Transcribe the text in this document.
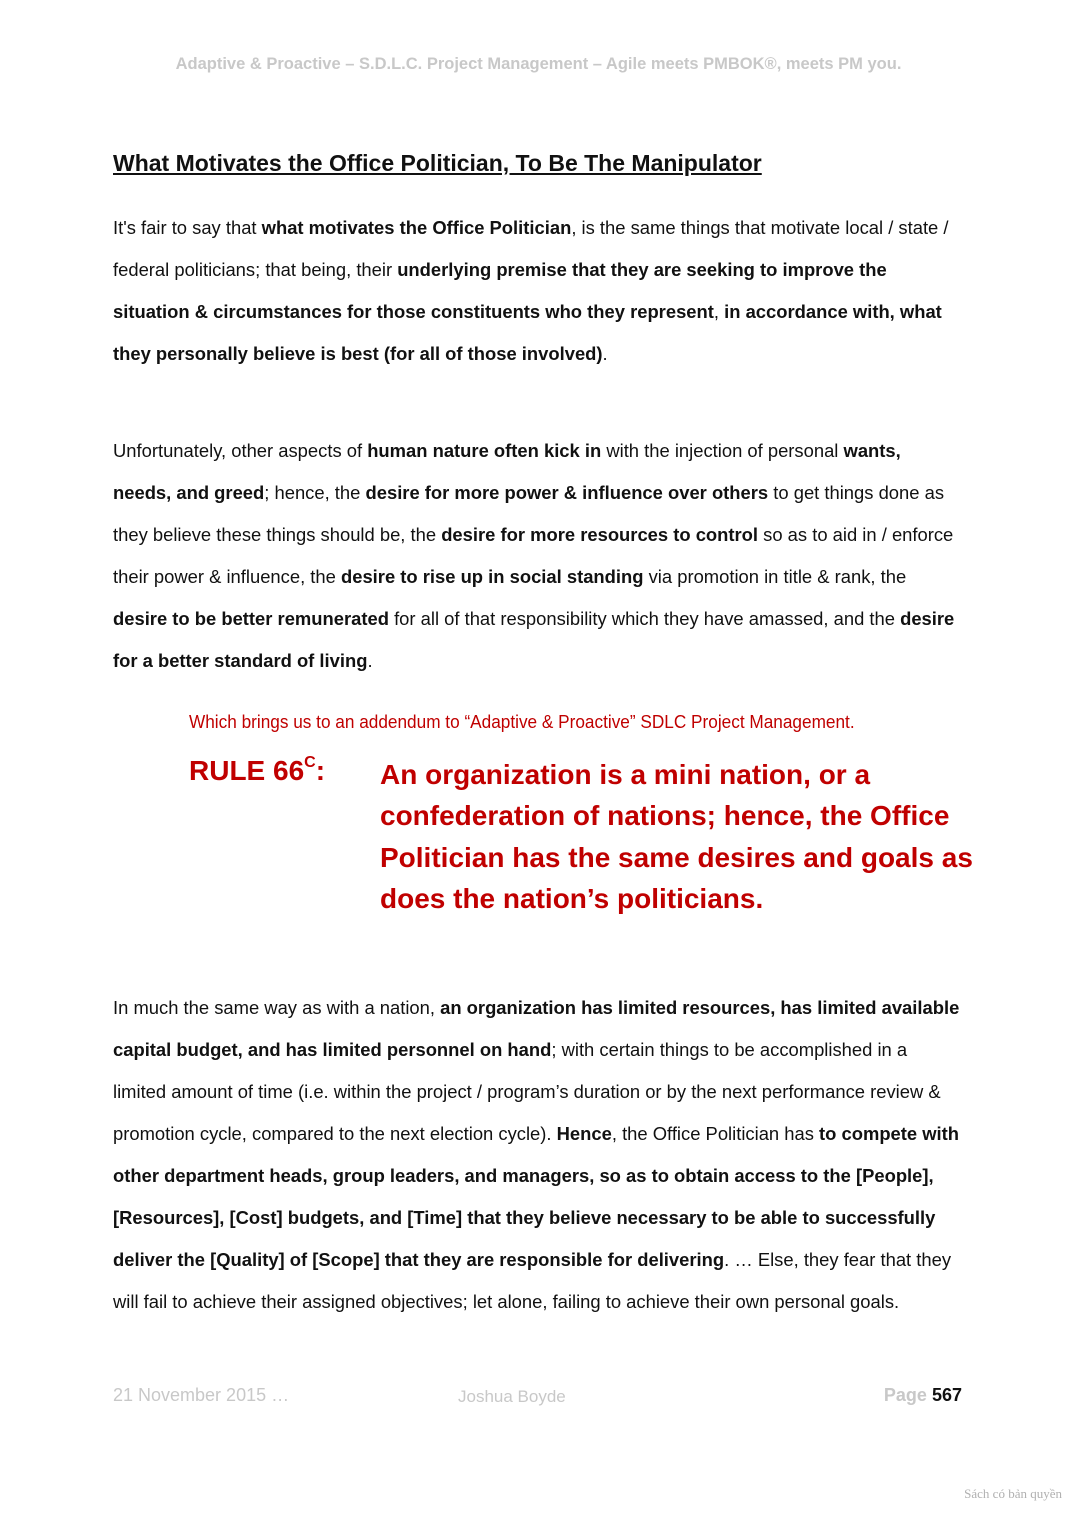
Adaptive & Proactive – S.D.L.C. Project Management – Agile meets PMBOK®, meets PM you.
What Motivates the Office Politician, To Be The Manipulator
It's fair to say that what motivates the Office Politician, is the same things that motivate local / state / federal politicians; that being, their underlying premise that they are seeking to improve the situation & circumstances for those constituents who they represent, in accordance with, what they personally believe is best (for all of those involved).
Unfortunately, other aspects of human nature often kick in with the injection of personal wants, needs, and greed; hence, the desire for more power & influence over others to get things done as they believe these things should be, the desire for more resources to control so as to aid in / enforce their power & influence, the desire to rise up in social standing via promotion in title & rank, the desire to be better remunerated for all of that responsibility which they have amassed, and the desire for a better standard of living.
Which brings us to an addendum to “Adaptive & Proactive” SDLC Project Management.
RULE $66^C$: An organization is a mini nation, or a confederation of nations; hence, the Office Politician has the same desires and goals as does the nation’s politicians.
In much the same way as with a nation, an organization has limited resources, has limited available capital budget, and has limited personnel on hand; with certain things to be accomplished in a limited amount of time (i.e. within the project / program’s duration or by the next performance review & promotion cycle, compared to the next election cycle). Hence, the Office Politician has to compete with other department heads, group leaders, and managers, so as to obtain access to the [People], [Resources], [Cost] budgets, and [Time] that they believe necessary to be able to successfully deliver the [Quality] of [Scope] that they are responsible for delivering. … Else, they fear that they will fail to achieve their assigned objectives; let alone, failing to achieve their own personal goals.
21 November 2015 …	Joshua Boyde	Page 567
Sách có bản quyền
